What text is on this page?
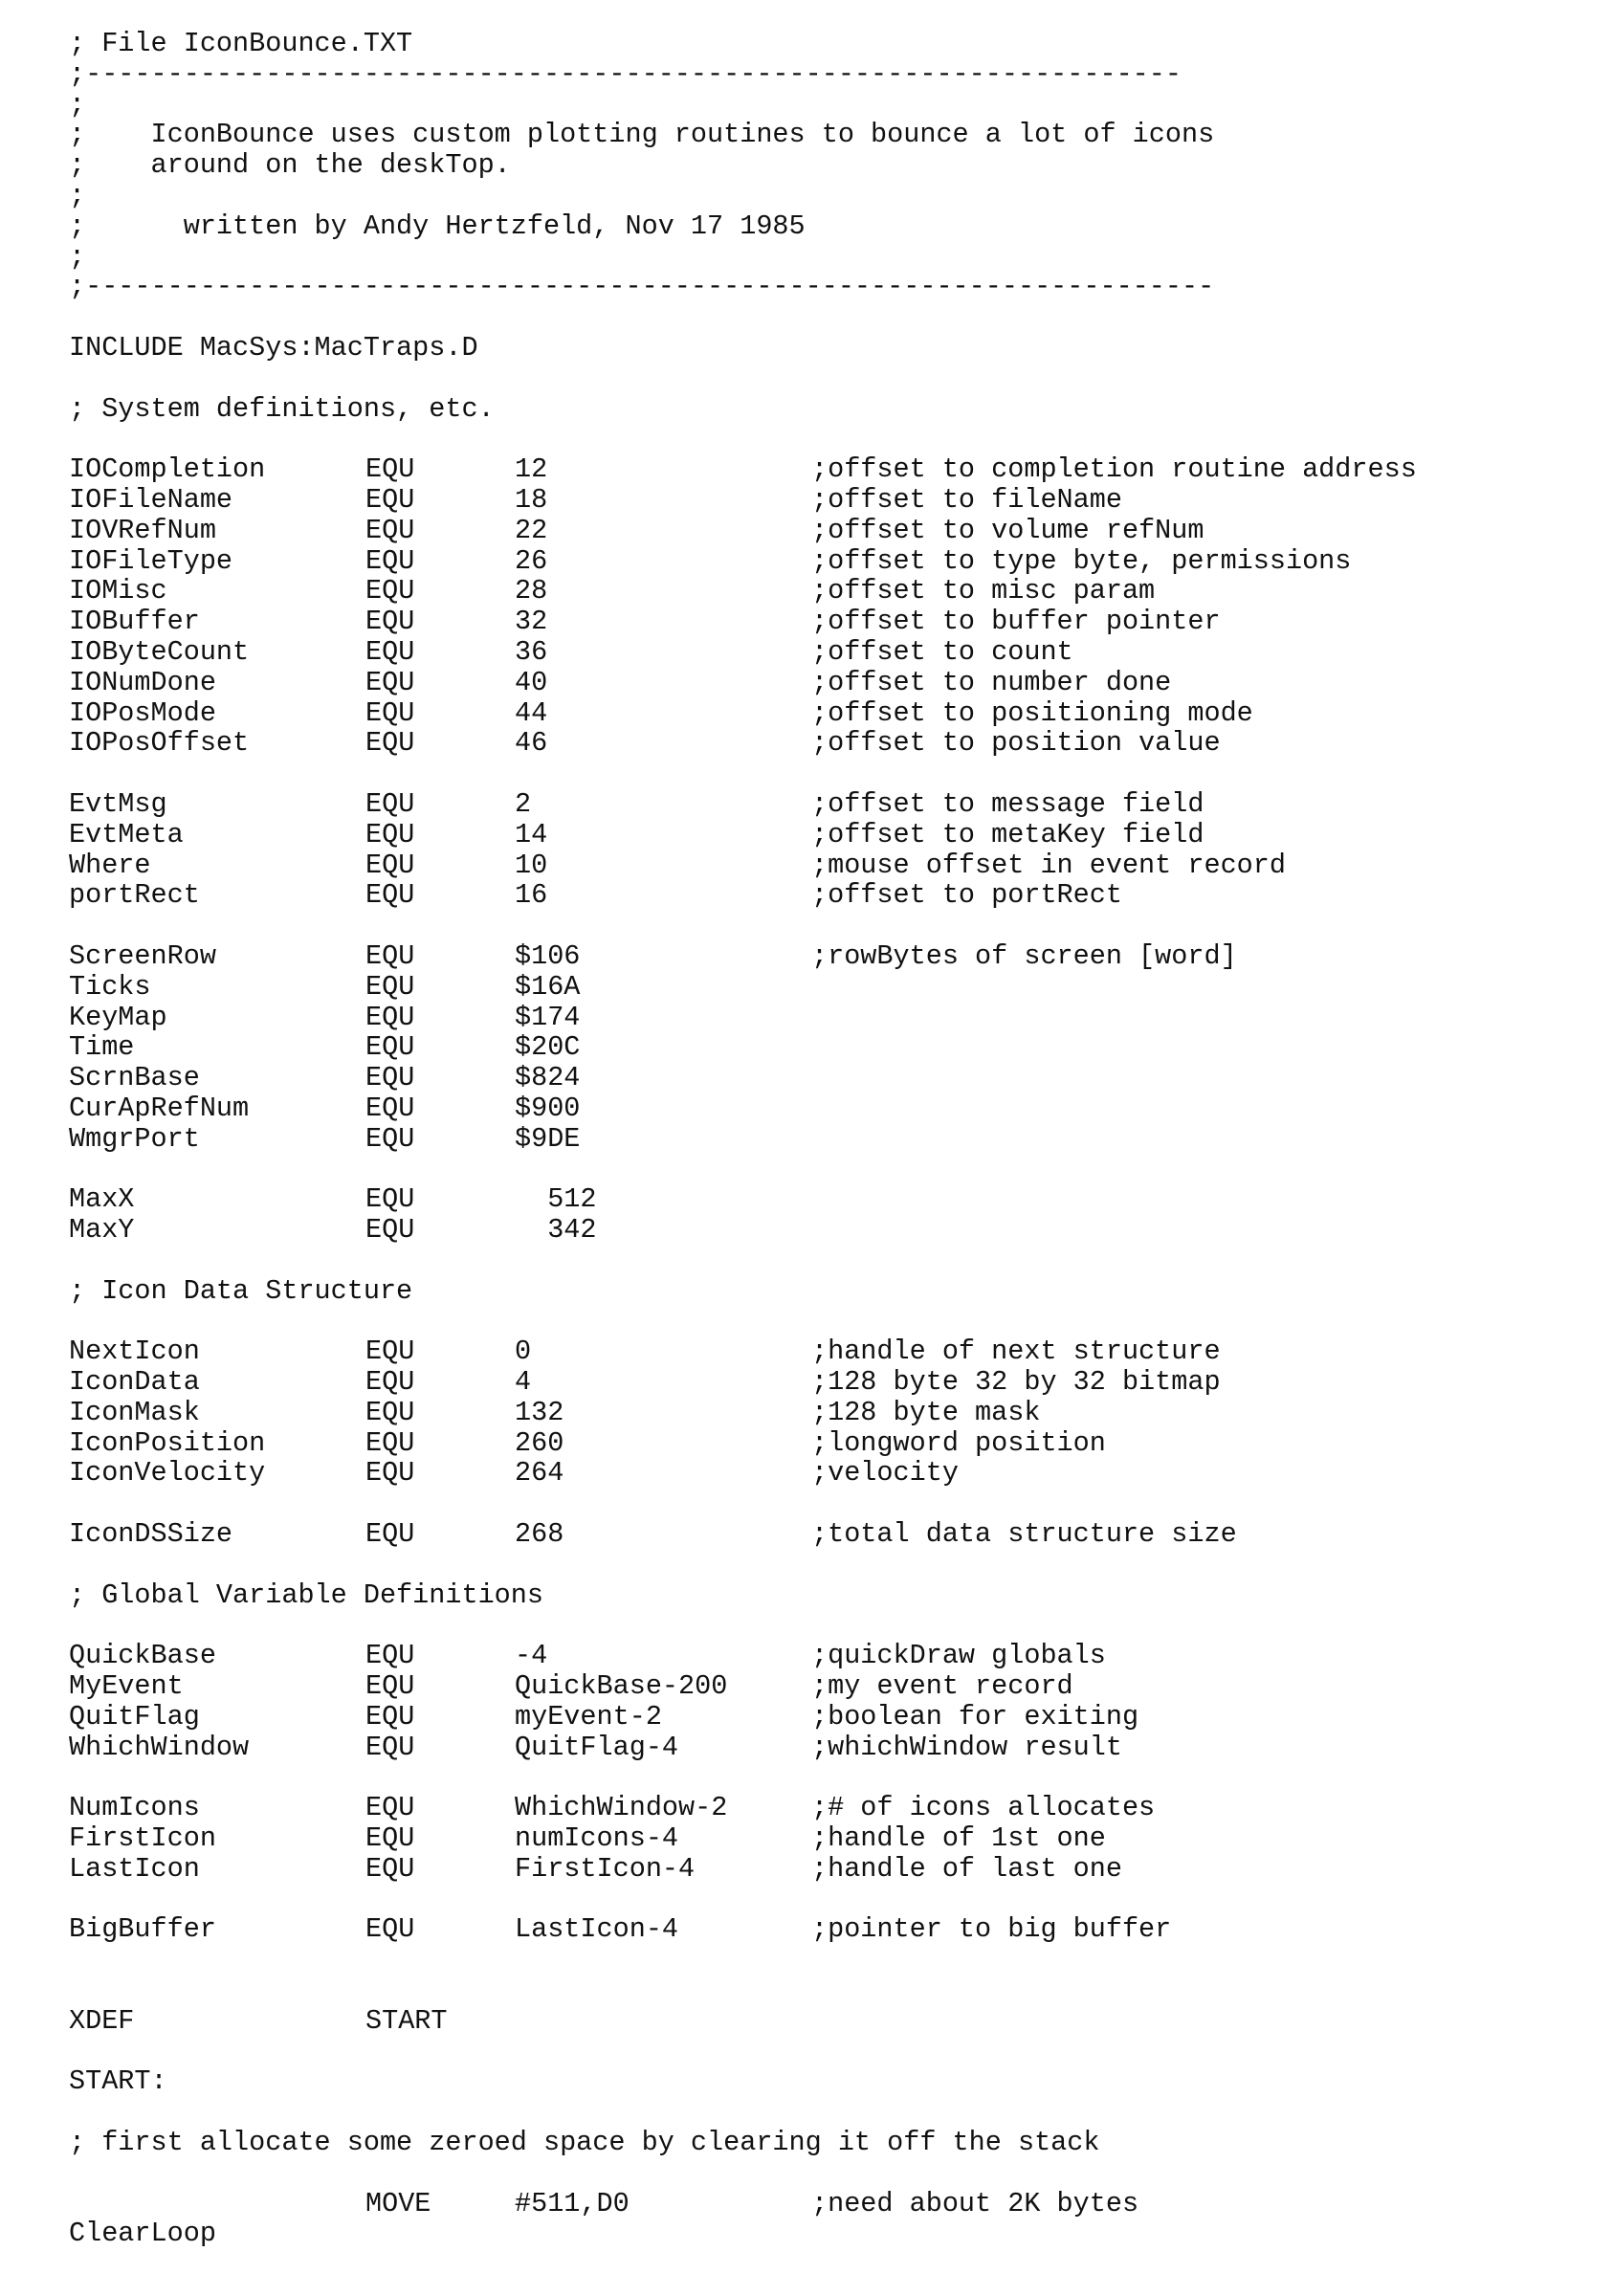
; File IconBounce.TXT
;-------------------------------------------------------------------
;
;    IconBounce uses custom plotting routines to bounce a lot of icons
;    around on the deskTop.
;
;      written by Andy Hertzfeld, Nov 17 1985
;
;---------------------------------------------------------------------
INCLUDE MacSys:MacTraps.D
; System definitions, etc.
IOCompletion	EQU	12	;offset to completion routine address
IOFileName	EQU	18	;offset to fileName
IOVRefNum	EQU	22	;offset to volume refNum
IOFileType	EQU	26	;offset to type byte, permissions
IOMisc	EQU	28	;offset to misc param
IOBuffer	EQU	32	;offset to buffer pointer
IOByteCount	EQU	36	;offset to count
IONumDone	EQU	40	;offset to number done
IOPosMode	EQU	44	;offset to positioning mode
IOPosOffset	EQU	46	;offset to position value
EvtMsg	EQU	2	;offset to message field
EvtMeta	EQU	14	;offset to metaKey field
Where	EQU	10	;mouse offset in event record
portRect	EQU	16	;offset to portRect
ScreenRow	EQU	$106	;rowBytes of screen [word]
Ticks	EQU	$16A
KeyMap	EQU	$174
Time	EQU	$20C
ScrnBase	EQU	$824
CurApRefNum	EQU	$900
WmgrPort	EQU	$9DE
MaxX	EQU	512
MaxY	EQU	342
; Icon Data Structure
NextIcon	EQU	0	;handle of next structure
IconData	EQU	4	;128 byte 32 by 32 bitmap
IconMask	EQU	132	;128 byte mask
IconPosition	EQU	260	;longword position
IconVelocity	EQU	264	;velocity
IconDSSize	EQU	268	;total data structure size
; Global Variable Definitions
QuickBase	EQU	-4	;quickDraw globals
MyEvent	EQU	QuickBase-200	;my event record
QuitFlag	EQU	myEvent-2	;boolean for exiting
WhichWindow	EQU	QuitFlag-4	;whichWindow result
NumIcons	EQU	WhichWindow-2	;# of icons allocates
FirstIcon	EQU	numIcons-4	;handle of 1st one
LastIcon	EQU	FirstIcon-4	;handle of last one
BigBuffer	EQU	LastIcon-4	;pointer to big buffer
XDEF	START
START:
; first allocate some zeroed space by clearing it off the stack
MOVE	#511,D0	;need about 2K bytes
ClearLoop
